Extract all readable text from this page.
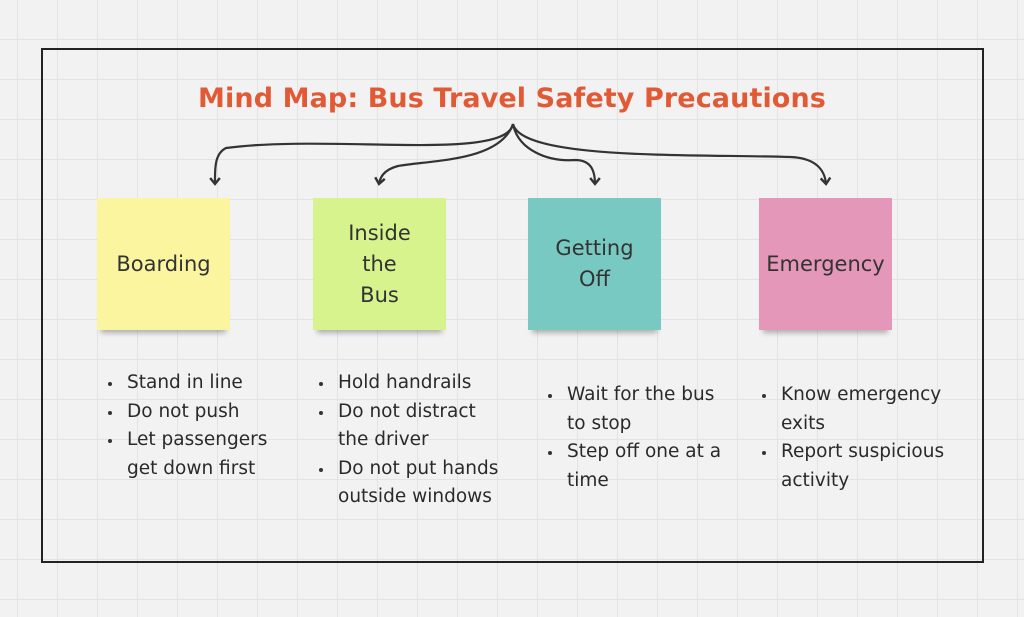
Mind Map: Bus Travel Safety Precautions
Boarding
Stand in line
Do not push
Let passengers get down first
Inside the
Bus
Hold handrails
Do not distract the driver
Do not put hands outside windows
Getting
Off
Wait for the bus to stop
Step off one at a time
Emergency
Know emergency exits
Report suspicious activity
